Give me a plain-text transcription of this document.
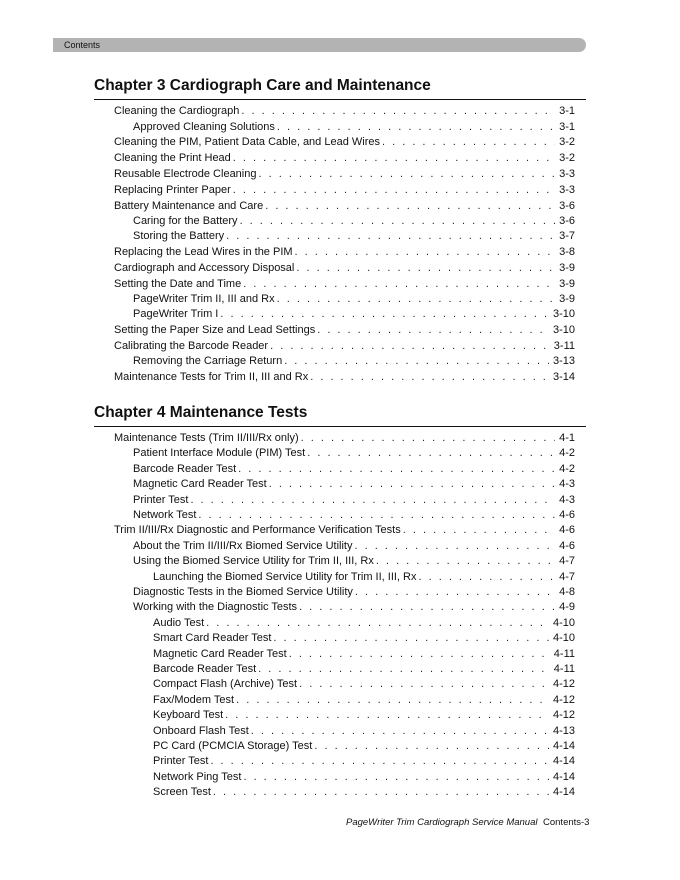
Contents
Chapter 3 Cardiograph Care and Maintenance
Cleaning the Cardiograph . . .	3-1
Approved Cleaning Solutions . . .	3-1
Cleaning the PIM, Patient Data Cable, and Lead Wires . . .	3-2
Cleaning the Print Head . . .	3-2
Reusable Electrode Cleaning . . .	3-3
Replacing Printer Paper . . .	3-3
Battery Maintenance and Care . . .	3-6
Caring for the Battery . . .	3-6
Storing the Battery . . .	3-7
Replacing the Lead Wires in the PIM . . .	3-8
Cardiograph and Accessory Disposal . . .	3-9
Setting the Date and Time . . .	3-9
PageWriter Trim II, III and Rx . . .	3-9
PageWriter Trim I . . .	3-10
Setting the Paper Size and Lead Settings . . .	3-10
Calibrating the Barcode Reader . . .	3-11
Removing the Carriage Return . . .	3-13
Maintenance Tests for Trim II, III and Rx . . .	3-14
Chapter 4 Maintenance Tests
Maintenance Tests (Trim II/III/Rx only) . . .	4-1
Patient Interface Module (PIM) Test . . .	4-2
Barcode Reader Test . . .	4-2
Magnetic Card Reader Test . . .	4-3
Printer Test . . .	4-3
Network Test . . .	4-6
Trim II/III/Rx Diagnostic and Performance Verification Tests . . .	4-6
About the Trim II/III/Rx Biomed Service Utility . . .	4-6
Using the Biomed Service Utility for Trim II, III, Rx . . .	4-7
Launching the Biomed Service Utility for Trim II, III, Rx . . .	4-7
Diagnostic Tests in the Biomed Service Utility . . .	4-8
Working with the Diagnostic Tests . . .	4-9
Audio Test . . .	4-10
Smart Card Reader Test . . .	4-10
Magnetic Card Reader Test . . .	4-11
Barcode Reader Test . . .	4-11
Compact Flash (Archive) Test . . .	4-12
Fax/Modem Test . . .	4-12
Keyboard Test . . .	4-12
Onboard Flash Test . . .	4-13
PC Card (PCMCIA Storage) Test . . .	4-14
Printer Test . . .	4-14
Network Ping Test . . .	4-14
Screen Test . . .	4-14
PageWriter Trim Cardiograph Service Manual Contents-3
